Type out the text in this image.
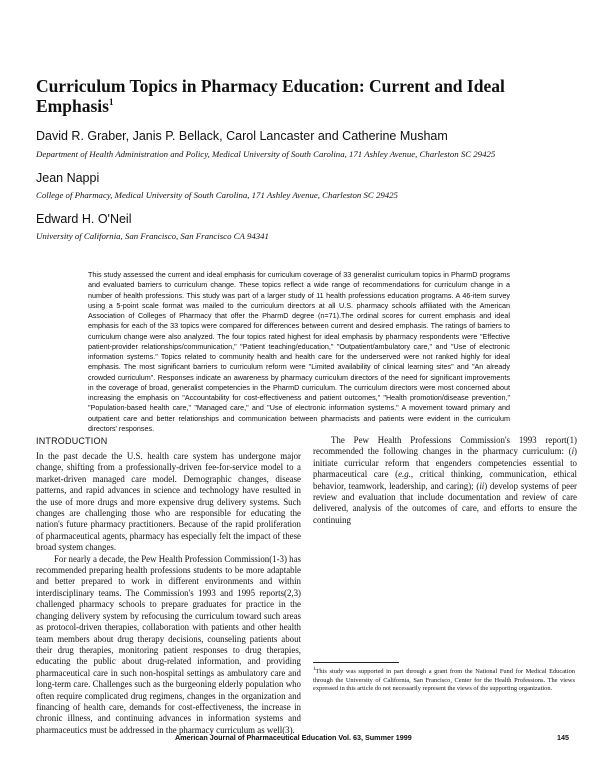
Curriculum Topics in Pharmacy Education: Current and Ideal Emphasis$^1$
David R. Graber, Janis P. Bellack, Carol Lancaster and Catherine Musham
Department of Health Administration and Policy, Medical University of South Carolina, 171 Ashley Avenue, Charleston SC 29425
Jean Nappi
College of Pharmacy, Medical University of South Carolina, 171 Ashley Avenue, Charleston SC 29425
Edward H. O'Neil
University of California, San Francisco, San Francisco CA 94341

This study assessed the current and ideal emphasis for curriculum coverage of 33 generalist curriculum topics in PharmD programs and evaluated barriers to curriculum change. These topics reflect a wide range of recommendations for curriculum change in a number of health professions. This study was part of a larger study of 11 health professions education programs. A 46-item survey using a 5-point scale format was mailed to the curriculum directors at all U.S. pharmacy schools affiliated with the American Association of Colleges of Pharmacy that offer the PharmD degree (n=71).The ordinal scores for current emphasis and ideal emphasis for each of the 33 topics were compared for differences between current and desired emphasis. The ratings of barriers to curriculum change were also analyzed. The four topics rated highest for ideal emphasis by pharmacy respondents were "Effective patient-provider relationships/communication," "Patient teaching/education," "Outpatient/ambulatory care," and "Use of electronic information systems." Topics related to community health and health care for the underserved were not ranked highly for ideal emphasis. The most significant barriers to curriculum reform were "Limited availability of clinical learning sites" and "An already crowded curriculum". Responses indicate an awareness by pharmacy curriculum directors of the need for significant improvements in the coverage of broad, generalist competencies in the PharmD curriculum. The curriculum directors were most concerned about increasing the emphasis on "Accountability for cost-effectiveness and patient outcomes," "Health promotion/disease prevention," "Population-based health care," "Managed care," and "Use of electronic information systems." A movement toward primary and outpatient care and better relationships and communication between pharmacists and patients were evident in the curriculum directors' responses.

INTRODUCTION

In the past decade the U.S. health care system has undergone major change, shifting from a professionally-driven fee-for-service model to a market-driven managed care model. Demographic changes, disease patterns, and rapid advances in science and technology have resulted in the use of more drugs and more expensive drug delivery systems. Such changes are challenging those who are responsible for educating the nation's future pharmacy practitioners. Because of the rapid proliferation of pharmaceutical agents, pharmacy has especially felt the impact of these broad system changes.

For nearly a decade, the Pew Health Profession Commission(1-3) has recommended preparing health professions students to be more adaptable and better prepared to work in different environments and within interdisciplinary teams. The Commission's 1993 and 1995 reports(2,3) challenged pharmacy schools to prepare graduates for practice in the changing delivery system by refocusing the curriculum toward such areas as protocol-driven therapies, collaboration with patients and other health team members about drug therapy decisions, counseling patients about their drug therapies, monitoring patient responses to drug therapies, educating the public about drug-related information, and providing pharmaceutical care in such non-hospital settings as ambulatory care and long-term care. Challenges such as the burgeoning elderly population who often require complicated drug regimens, changes in the organization and financing of health care, demands for cost-effectiveness, the increase in chronic illness, and continuing advances in information systems and pharmaceutics must be addressed in the pharmacy curriculum as well(3).

The Pew Health Professions Commission's 1993 report(1) recommended the following changes in the pharmacy curriculum: (i) initiate curricular reform that engenders competencies essential to pharmaceutical care (e.g., critical thinking, communication, ethical behavior, teamwork, leadership, and caring); (ii) develop systems of peer review and evaluation that include documentation and review of care delivered, analysis of the outcomes of care, and efforts to ensure the continuing

$^1$This study was supported in part through a grant from the National Fund for Medical Education through the University of California, San Francisco, Center for the Health Professions. The views expressed in this article do not necessarily represent the views of the supporting organization.

American Journal of Pharmaceutical Education Vol. 63, Summer 1999	145
